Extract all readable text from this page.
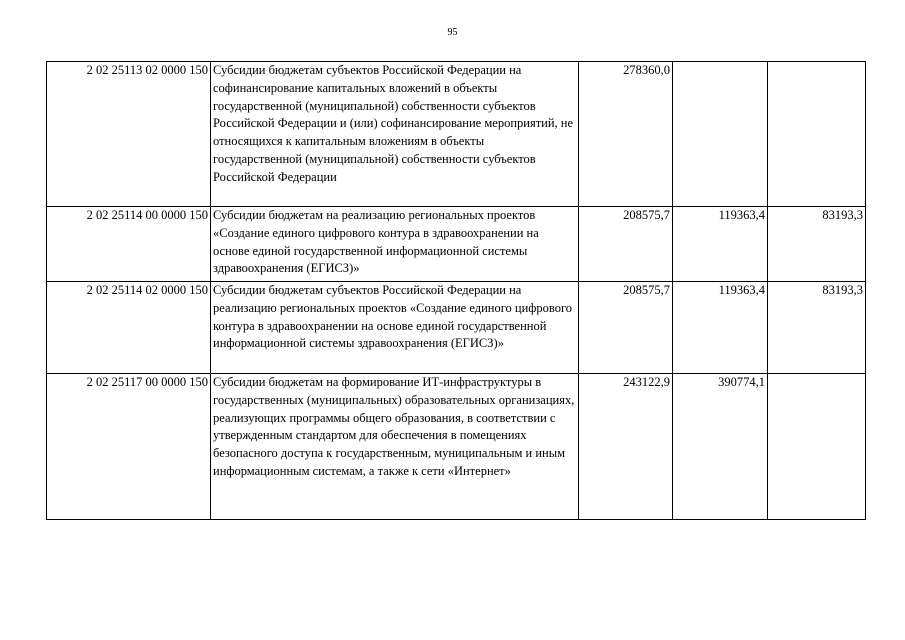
95
2 02 25113 02 0000 150	Субсидии бюджетам субъектов Российской Федерации на софинансирование капитальных вложений в объекты государственной (муниципальной) собственности субъектов Российской Федерации и (или) софинансирование мероприятий, не относящихся к капитальным вложениям в объекты государственной (муниципальной) собственности субъектов Российской Федерации	278360,0		
2 02 25114 00 0000 150	Субсидии бюджетам на реализацию региональных проектов «Создание единого цифрового контура в здравоохранении на основе единой государственной информационной системы здравоохранения (ЕГИСЗ)»	208575,7	119363,4	83193,3
2 02 25114 02 0000 150	Субсидии бюджетам субъектов Российской Федерации на реализацию региональных проектов «Создание единого цифрового контура в здравоохранении на основе единой государственной информационной системы здравоохранения (ЕГИСЗ)»	208575,7	119363,4	83193,3
2 02 25117 00 0000 150	Субсидии бюджетам на формирование ИТ-инфраструктуры в государственных (муниципальных) образовательных организациях, реализующих программы общего образования, в соответствии с утвержденным стандартом для обеспечения в помещениях безопасного доступа к государственным, муниципальным и иным информационным системам, а также к сети «Интернет»	243122,9	390774,1	
